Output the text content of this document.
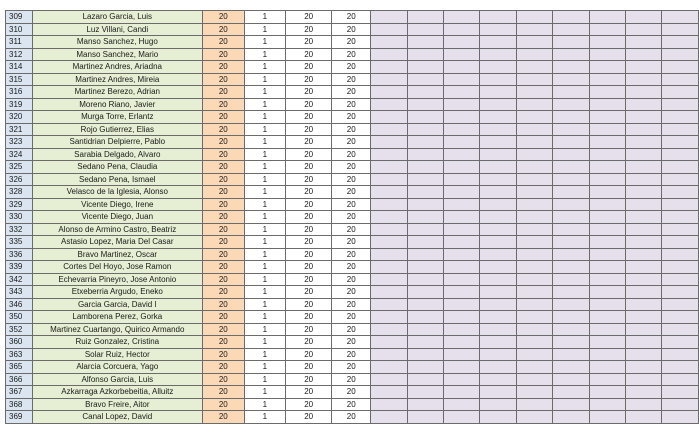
309	Lazaro Garcia, Luis	20	1	20	20									
310	Luz Villani, Candi	20	1	20	20									
311	Manso Sanchez, Hugo	20	1	20	20									
312	Manso Sanchez, Mario	20	1	20	20									
314	Martinez Andres, Ariadna	20	1	20	20									
315	Martinez Andres, Mireia	20	1	20	20									
316	Martinez Berezo, Adrian	20	1	20	20									
319	Moreno Riano, Javier	20	1	20	20									
320	Murga Torre, Erlantz	20	1	20	20									
321	Rojo Gutierrez, Elias	20	1	20	20									
323	Santidrian Delpierre, Pablo	20	1	20	20									
324	Sarabia Delgado, Alvaro	20	1	20	20									
325	Sedano Pena, Claudia	20	1	20	20									
326	Sedano Pena, Ismael	20	1	20	20									
328	Velasco de la Iglesia, Alonso	20	1	20	20									
329	Vicente Diego, Irene	20	1	20	20									
330	Vicente Diego, Juan	20	1	20	20									
332	Alonso de Armino Castro, Beatriz	20	1	20	20									
335	Astasio Lopez, Maria Del Casar	20	1	20	20									
336	Bravo Martinez, Oscar	20	1	20	20									
339	Cortes Del Hoyo, Jose Ramon	20	1	20	20									
342	Echevarria Pineyro, Jose Antonio	20	1	20	20									
343	Etxeberria Argudo, Eneko	20	1	20	20									
346	Garcia Garcia, David I	20	1	20	20									
350	Lamborena Perez, Gorka	20	1	20	20									
352	Martinez Cuartango, Quirico Armando	20	1	20	20									
360	Ruiz Gonzalez, Cristina	20	1	20	20									
363	Solar Ruiz, Hector	20	1	20	20									
365	Alarcia Corcuera, Yago	20	1	20	20									
366	Alfonso Garcia, Luis	20	1	20	20									
367	Azkarraga Azkorbebeitia, Alluitz	20	1	20	20									
368	Bravo Freire, Aitor	20	1	20	20									
369	Canal Lopez, David	20	1	20	20									
